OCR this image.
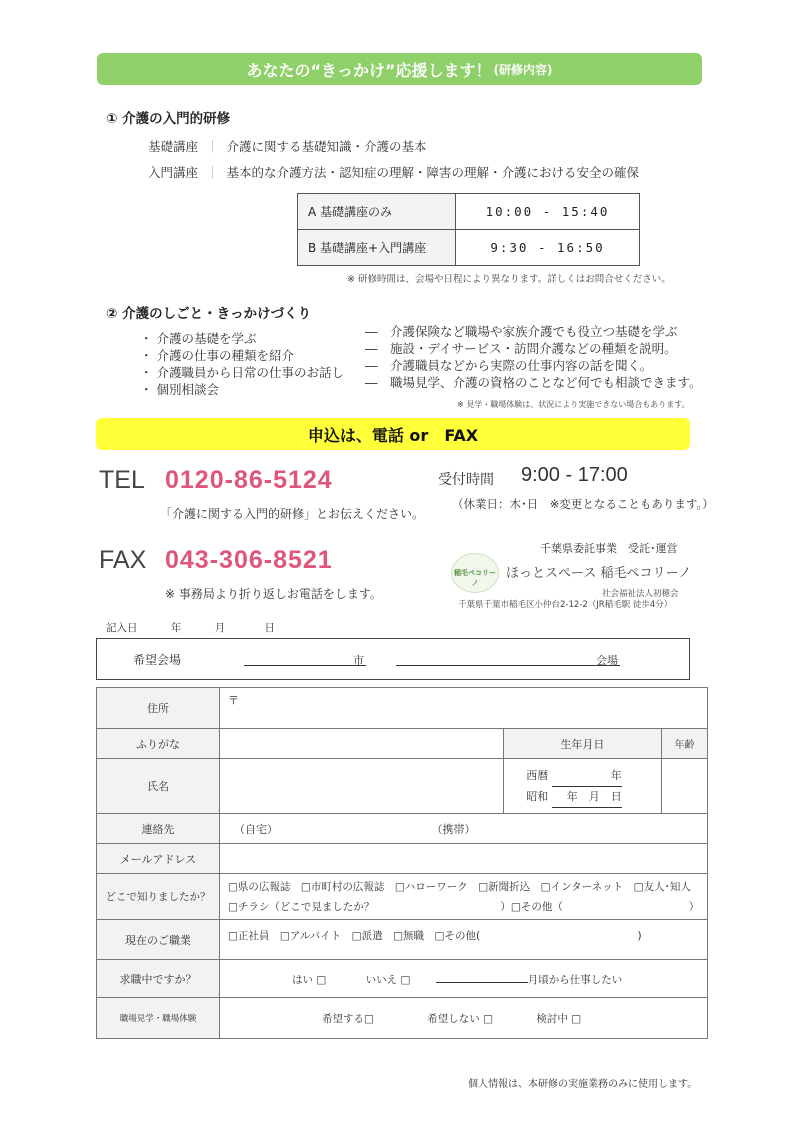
あなたの“きっかけ”応援します！ (研修内容)
① 介護の入門的研修
基礎講座 ｜ 介護に関する基礎知識・介護の基本
入門講座 ｜ 基本的な介護方法・認知症の理解・障害の理解・介護における安全の確保
A 基礎講座のみ	10:00 - 15:40
B 基礎講座+入門講座	9:30 - 16:50
※ 研修時間は、会場や日程により異なります。詳しくはお問合せください。
② 介護のしごと・きっかけづくり
・ 介護の基礎を学ぶ
・ 介護の仕事の種類を紹介
・ 介護職員から日常の仕事のお話し
・ 個別相談会
―　介護保険など職場や家族介護でも役立つ基礎を学ぶ
―　施設・デイサービス・訪問介護などの種類を説明。
―　介護職員などから実際の仕事内容の話を聞く。
―　職場見学、介護の資格のことなど何でも相談できます。
※ 見学・職場体験は、状況により実施できない場合もあります。
申込は、電話 or　FAX
TEL 0120-86-5124
「介護に関する入門的研修」とお伝えください。
受付時間 9:00 - 17:00
（休業日：木･日　※変更となることもあります。）
FAX 043-306-8521
※ 事務局より折り返しお電話をします。
千葉県委託事業　受託･運営
稲毛ペコリーノ
ほっとスペース 稲毛ペコリーノ
社会福祉法人初穂会
千葉県千葉市稲毛区小仲台2-12-2（JR稲毛駅 徒歩4分）
記入日	年	月	日
希望会場	市	会場
住所	〒		
ふりがな		生年月日	年齢
氏名		西暦 年
昭和 年　月　日	

連絡先	（自宅） （携帯）		
メールアドレス			
どこで知りましたか？	□県の広報誌　□市町村の広報誌　□ハローワーク　□新聞折込　□インターネット　□友人･知人
□チラシ（どこで見ましたか？　　　　　　　　　　　　）□その他（　　　　　　　　　　　　）		

現在のご職業	□正社員　□アルバイト　□派遣　□無職　□その他(　　　　　　　　　　　　　　　)		
求職中ですか？	はい □ いいえ □ 月頃から仕事したい		
職場見学・職場体験	希望する□ 希望しない □ 検討中 □		
個人情報は、本研修の実施業務のみに使用します。
